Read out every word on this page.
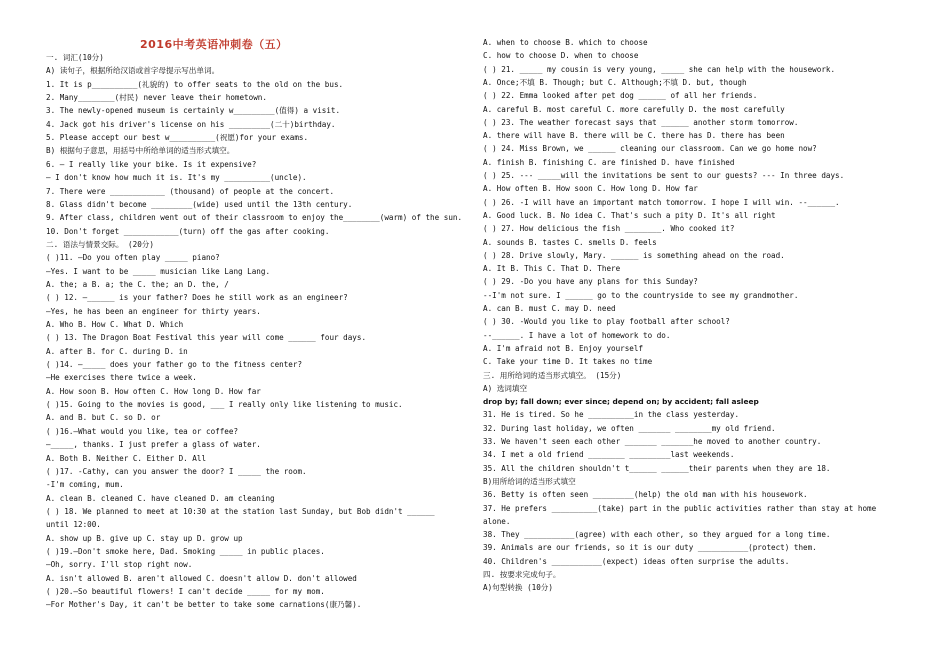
2016中考英语冲刺卷（五）
一. 词汇(10分)
A) 读句子，根据所给汉语或首字母提示写出单词。
1. It is p__________(礼貌的) to offer seats to the old on the bus.
2. Many________(村民) never leave their hometown.
3. The newly-opened museum is certainly w_________(值得) a visit.
4. Jack got his driver's license on his _________(二十)birthday.
5. Please accept our best w__________(祝愿)for your exams.
B) 根据句子意思，用括号中所给单词的适当形式填空。
6. — I really like your bike. Is it expensive?
— I don't know how much it is. It's my __________(uncle).
7. There were ____________ (thousand) of people at the concert.
8. Glass didn't become _________(wide) used until the 13th century.
9. After class, children went out of their classroom to enjoy the________(warm) of the sun.
10. Don't forget ____________(turn) off the gas after cooking.
二. 语法与情景交际。 (20分)
( )11. —Do you often play _____ piano?
—Yes. I want to be _____ musician like Lang Lang.
A. the; a B. a; the C. the; an D. the, /
( ) 12. —______ is your father? Does he still work as an engineer?
—Yes, he has been an engineer for thirty years.
A. Who B. How C. What D. Which
( ) 13. The Dragon Boat Festival this year will come ______ four days.
A. after B. for C. during D. in
( )14. —_____ does your father go to the fitness center?
—He exercises there twice a week.
A. How soon B. How often C. How long D. How far
( )15. Going to the movies is good, ___ I really only like listening to music.
A. and B. but C. so D. or
( )16.—What would you like, tea or coffee?
—_____, thanks. I just prefer a glass of water.
A. Both B. Neither C. Either D. All
( )17. -Cathy, can you answer the door? I _____ the room.
-I'm coming, mum.
A. clean B. cleaned C. have cleaned D. am cleaning
( ) 18. We planned to meet at 10:30 at the station last Sunday, but Bob didn't ______
until 12:00.
A. show up B. give up C. stay up D. grow up
( )19.—Don't smoke here, Dad. Smoking _____ in public places.
—Oh, sorry. I'll stop right now.
A. isn't allowed B. aren't allowed C. doesn't allow D. don't allowed
( )20.—So beautiful flowers! I can't decide _____ for my mom.
—For Mother's Day, it can't be better to take some carnations(康乃馨).
A. when to choose B. which to choose
C. how to choose D. when to choose
( ) 21. _____ my cousin is very young, _____ she can help with the housework.
A. Once;不填 B. Though; but C. Although;不填 D. but, though
( ) 22. Emma looked after pet dog ______ of all her friends.
A. careful B. most careful C. more carefully D. the most carefully
( ) 23. The weather forecast says that ______ another storm tomorrow.
A. there will have B. there will be C. there has D. there has been
( ) 24. Miss Brown, we ______ cleaning our classroom. Can we go home now?
A. finish B. finishing C. are finished D. have finished
( ) 25. --- _____will the invitations be sent to our guests? --- In three days.
A. How often B. How soon C. How long D. How far
( ) 26. -I will have an important match tomorrow. I hope I will win. --______.
A. Good luck. B. No idea C. That's such a pity D. It's all right
( ) 27. How delicious the fish ________. Who cooked it?
A. sounds B. tastes C. smells D. feels
( ) 28. Drive slowly, Mary. ______ is something ahead on the road.
A. It B. This C. That D. There
( ) 29. -Do you have any plans for this Sunday?
--I'm not sure. I ______ go to the countryside to see my grandmother.
A. can B. must C. may D. need
( ) 30. -Would you like to play football after school?
--______. I have a lot of homework to do.
A. I'm afraid not B. Enjoy yourself
C. Take your time D. It takes no time
三. 用所给词的适当形式填空。 (15分)
A) 选词填空
drop by; fall down; ever since; depend on; by accident; fall asleep
31. He is tired. So he __________in the class yesterday.
32. During last holiday, we often _______ ________my old friend.
33. We haven't seen each other _______ _______he moved to another country.
34. I met a old friend ________ _________last weekends.
35. All the children shouldn't t______ ______their parents when they are 18.
B)用所给词的适当形式填空
36. Betty is often seen _________(help) the old man with his housework.
37. He prefers __________(take) part in the public activities rather than stay at home
alone.
38. They ___________(agree) with each other, so they argued for a long time.
39. Animals are our friends, so it is our duty ___________(protect) them.
40. Children's ___________(expect) ideas often surprise the adults.
四. 按要求完成句子。
A)句型转换 (10分)
